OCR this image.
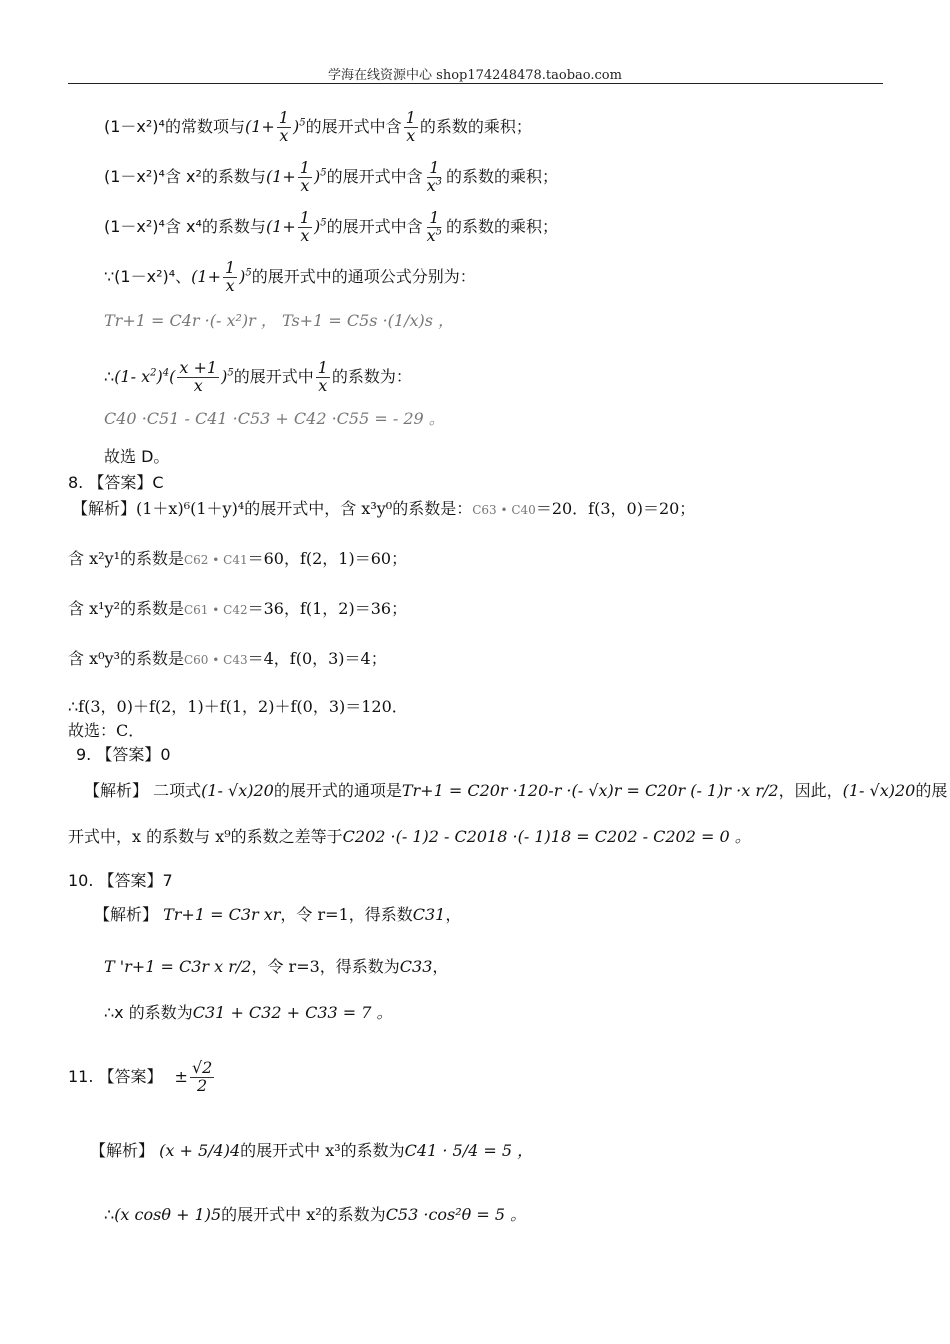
学海在线资源中心 shop174248478.taobao.com
(1－x²)⁴的常数项与$(1+ \frac{1}{x} )^5$的展开式中含 $\frac{1}{x}$ 的系数的乘积；
(1－x²)⁴含 x²的系数与$(1+ \frac{1}{x} )^5$的展开式中含 $\frac{1}{x^3}$ 的系数的乘积；
(1－x²)⁴含 x⁴的系数与$(1+ \frac{1}{x} )^5$的展开式中含 $\frac{1}{x^5}$ 的系数的乘积；
∵(1－x²)⁴、$(1+ \frac{1}{x} )^5$的展开式中的通项公式分别为：
Tr+1 = C4r ·(- x²)r ， Ts+1 = C5s ·(1/x)s ，
∴(1- $x^2)^4( \frac{x +1}{x} )^5$的展开式中 $\frac{1}{x}$ 的系数为：
C40 ·C51 - C41 ·C53 + C42 ·C55 = - 29 。
故选 D。
8. 【答案】C
【解析】(1＋x)⁶(1＋y)⁴的展开式中，含 x³y⁰的系数是：C63 • C40＝20．f(3，0)＝20；
含 x²y¹的系数是C62 • C41＝60，f(2，1)＝60；
含 x¹y²的系数是C61 • C42＝36，f(1，2)＝36；
含 x⁰y³的系数是C60 • C43＝4，f(0，3)＝4；
∴f(3，0)＋f(2，1)＋f(1，2)＋f(0，3)＝120．
故选：C．
9. 【答案】0
【解析】 二项式(1- √x)20的展开式的通项是Tr+1 = C20r ·120-r ·(- √x)r = C20r (- 1)r ·x r/2，因此，(1- √x)20的展
开式中，x 的系数与 x⁹的系数之差等于C202 ·(- 1)2 - C2018 ·(- 1)18 = C202 - C202 = 0 。
10. 【答案】7
【解析】 Tr+1 = C3r xr，令 r=1，得系数C31，
T 'r+1 = C3r x r/2，令 r=3，得系数为C33，
∴x 的系数为C31 + C32 + C33 = 7 。
11. 【答案】 ± $\frac{√2}{2}$
【解析】 (x + 5/4)4的展开式中 x³的系数为C41 · 5/4 = 5 ，
∴(x cosθ + 1)5的展开式中 x²的系数为C53 ·cos²θ = 5 。
